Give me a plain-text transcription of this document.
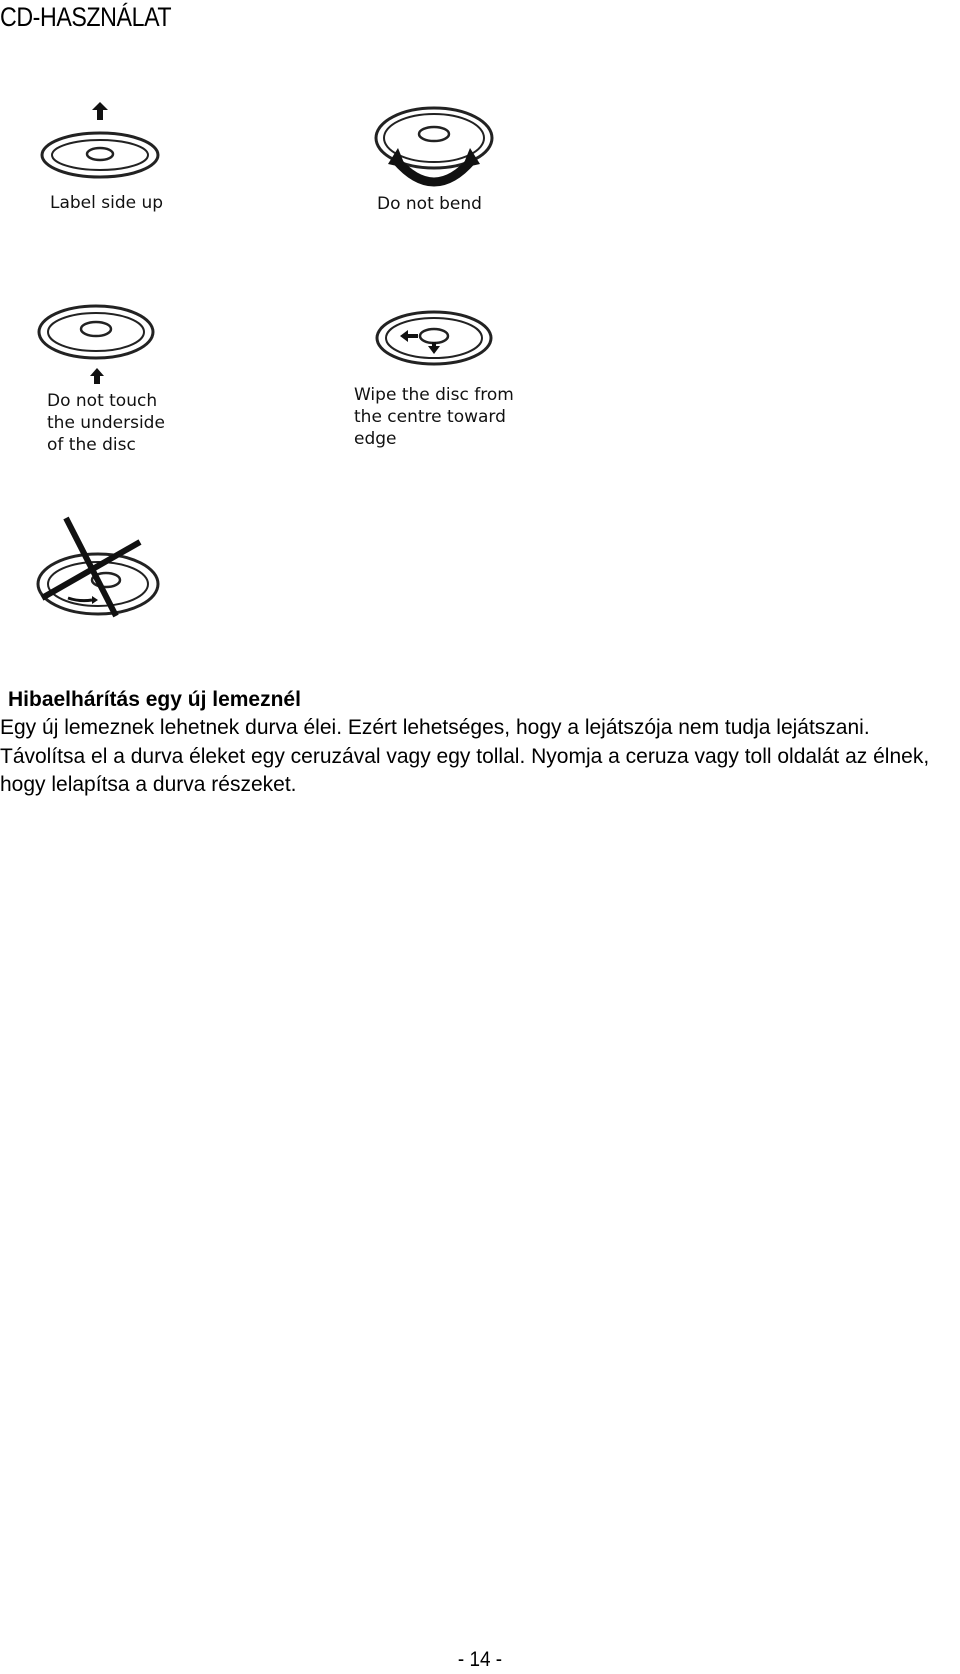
CD-HASZNÁLAT
Label side up	Do not bend
Do not touch
the underside
of the disc
Wipe the disc from
the centre toward
edge

Hibaelhárítás egy új lemeznél

Egy új lemeznek lehetnek durva élei. Ezért lehetséges, hogy a lejátszója nem tudja lejátszani. Távolítsa el a durva éleket egy ceruzával vagy egy tollal. Nyomja a ceruza vagy toll oldalát az élnek, hogy lelapítsa a durva részeket.

- 14 -
